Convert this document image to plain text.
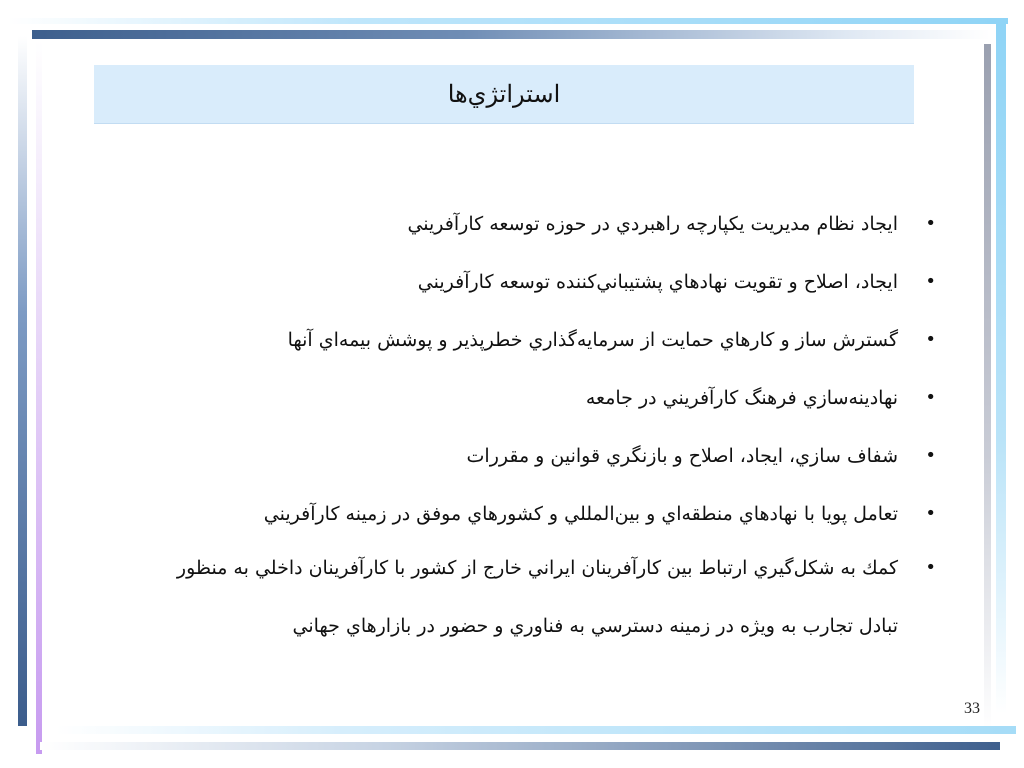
استراتژي‌ها
•
ايجاد نظام مديريت يکپارچه راهبردي در حوزه توسعه کارآفريني
•
ايجاد، اصلاح و تقويت نهادهاي پشتيباني‌کننده توسعه کارآفريني
•
گسترش ساز و کارهاي حمايت از سرمايه‌گذاري خطرپذير و پوشش بيمه‌اي آنها
•
نهادينه‌سازي فرهنگ کارآفريني در جامعه
•
شفاف سازي، ايجاد، اصلاح و بازنگري قوانين و مقررات
•
تعامل پويا با نهادهاي منطقه‌اي و بين‌المللي و کشورهاي موفق در زمينه کارآفريني
•
کمك به شكل‌گيري ارتباط بين کارآفرينان ايراني خارج از کشور با کارآفرينان داخلي به منظور
تبادل تجارب به ويژه در زمينه دسترسي به فناوري و حضور در بازارهاي جهاني
33
